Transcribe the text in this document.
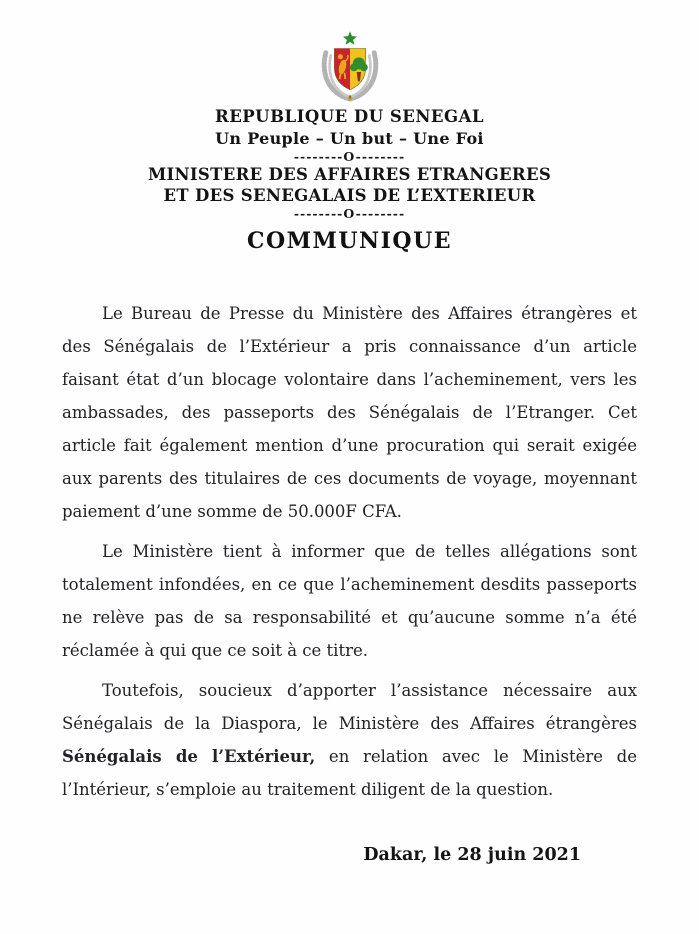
REPUBLIQUE DU SENEGAL
Un Peuple – Un but – Une Foi
--------O--------
MINISTERE DES AFFAIRES ETRANGERES
ET DES SENEGALAIS DE L’EXTERIEUR
--------O--------
COMMUNIQUE

Le Bureau de Presse du Ministère des Affaires étrangères et des Sénégalais de l’Extérieur a pris connaissance d’un article faisant état d’un blocage volontaire dans l’acheminement, vers les ambassades, des passeports des Sénégalais de l’Etranger. Cet article fait également mention d’une procuration qui serait exigée aux parents des titulaires de ces documents de voyage, moyennant paiement d’une somme de 50.000F CFA.

Le Ministère tient à informer que de telles allégations sont totalement infondées, en ce que l’acheminement desdits passeports ne relève pas de sa responsabilité et qu’aucune somme n’a été réclamée à qui que ce soit à ce titre.

Toutefois, soucieux d’apporter l’assistance nécessaire aux Sénégalais de la Diaspora, le Ministère des Affaires étrangères Sénégalais de l’Extérieur, en relation avec le Ministère de l’Intérieur, s’emploie au traitement diligent de la question.

Dakar, le 28 juin 2021
